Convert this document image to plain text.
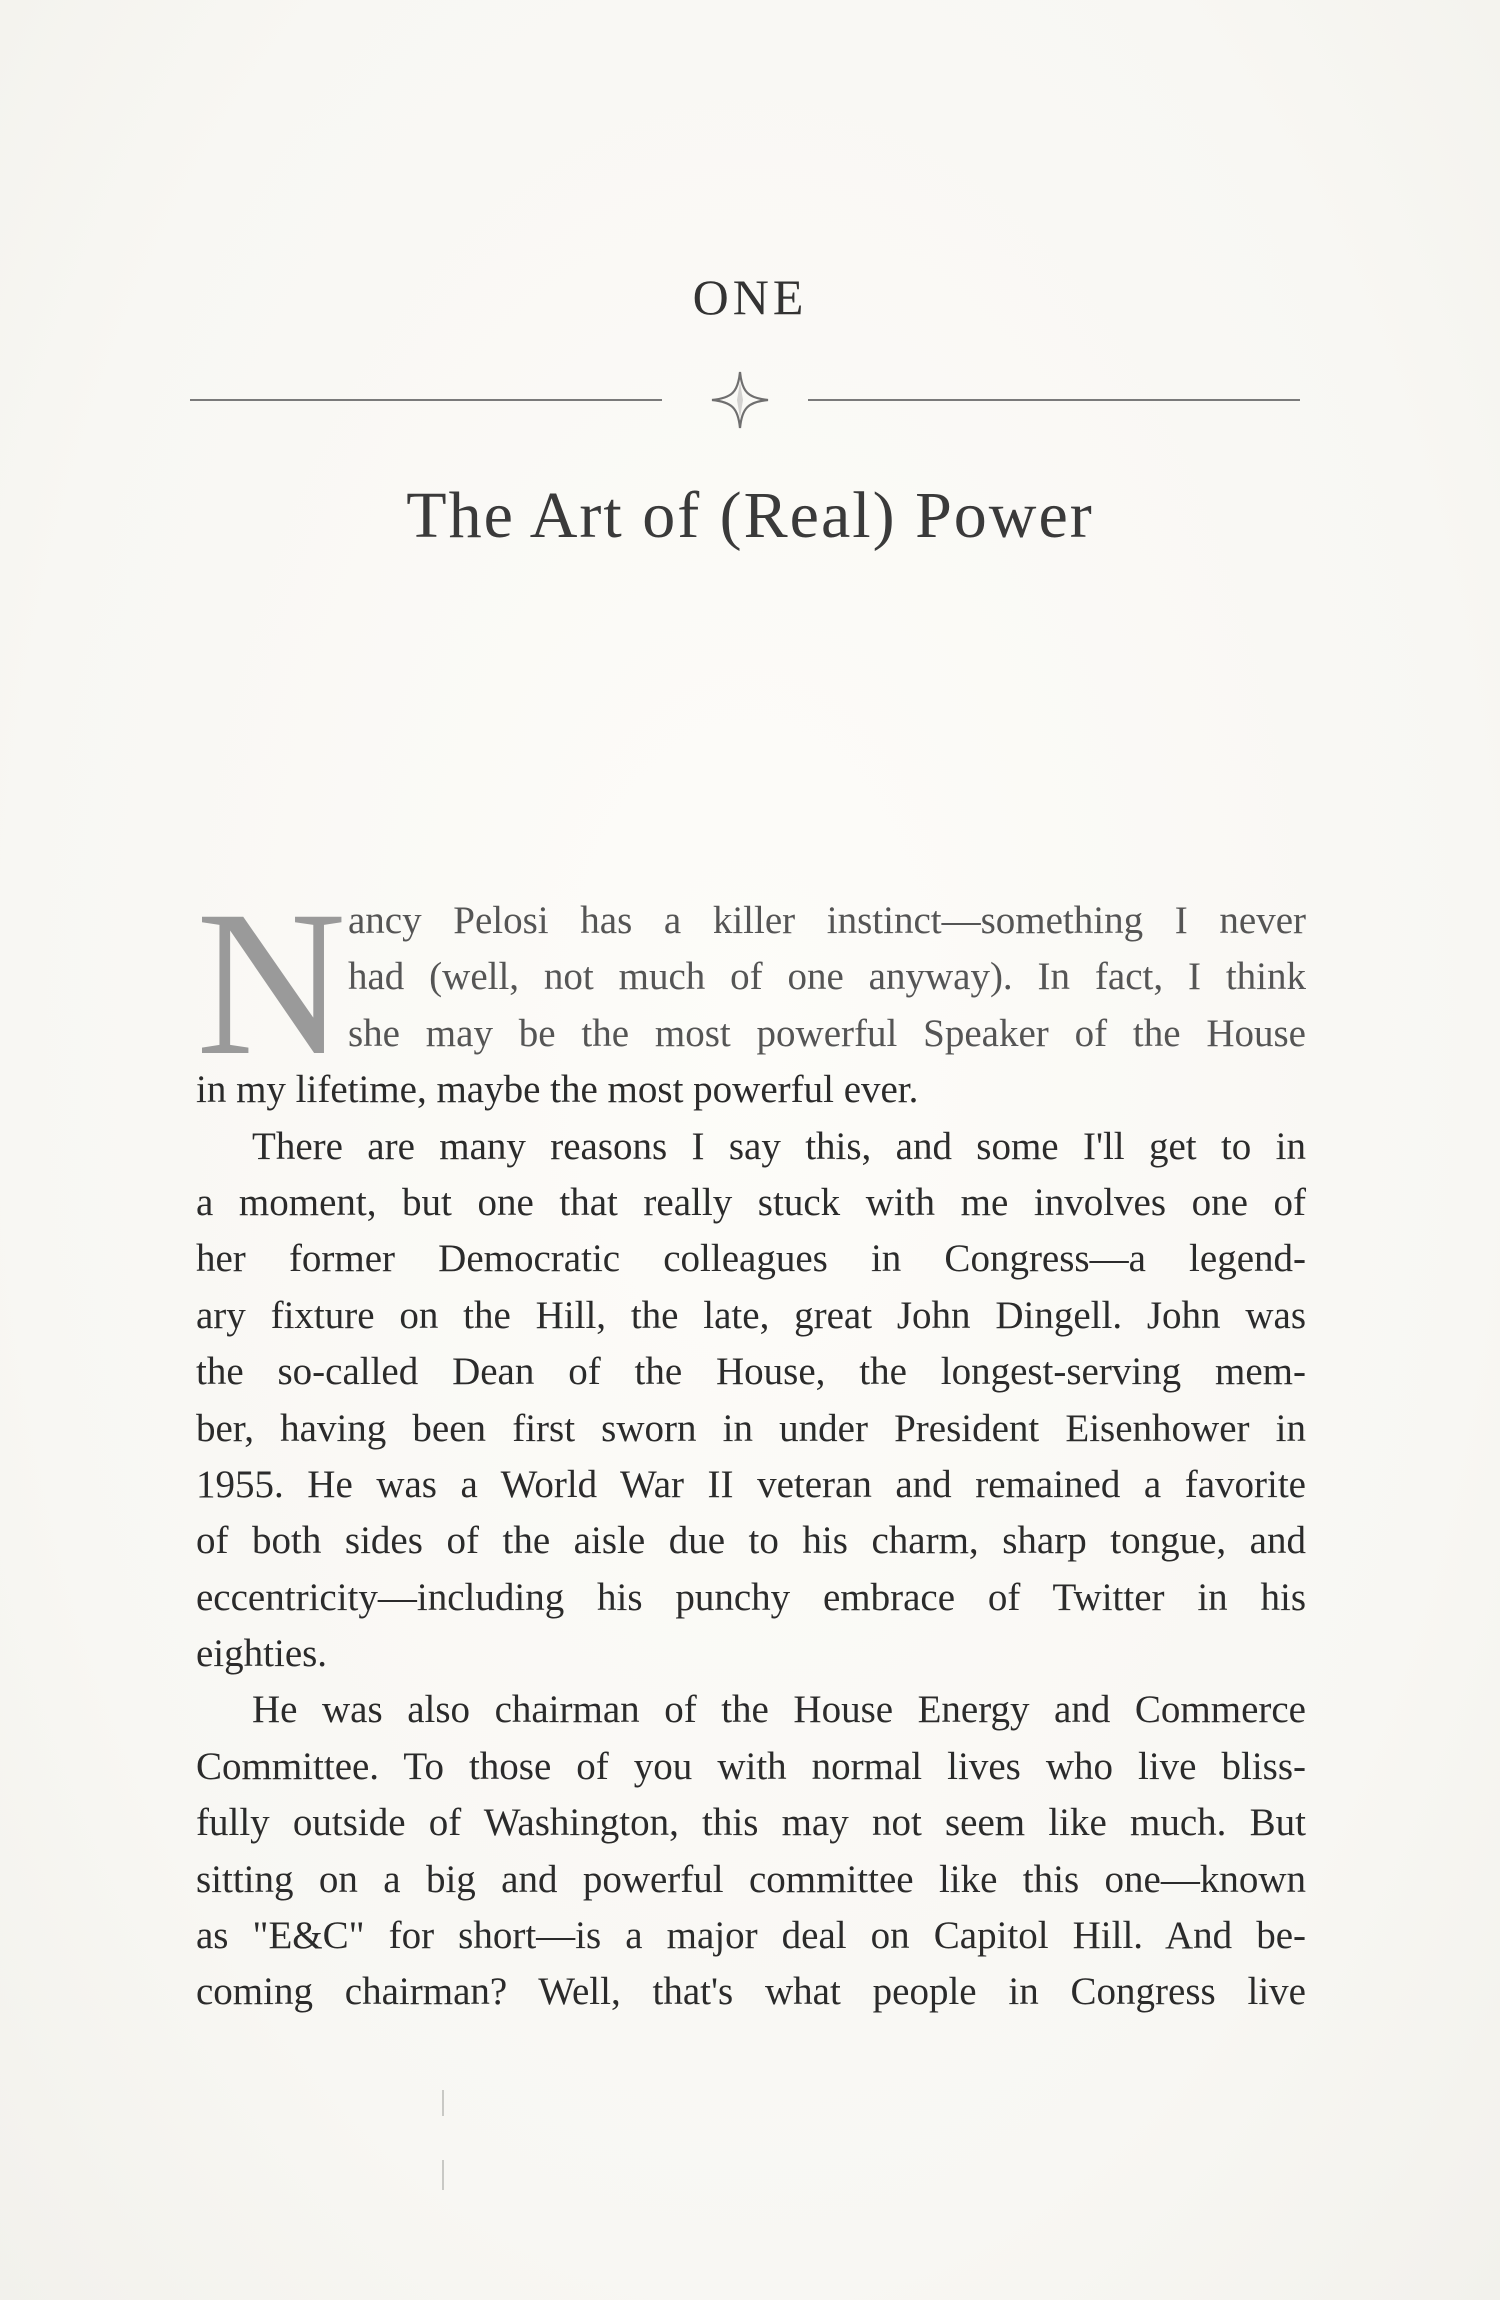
ONE
The Art of (Real) Power
N ancy Pelosi has a killer instinct—something I never
had (well, not much of one anyway). In fact, I think
she may be the most powerful Speaker of the House
in my lifetime, maybe the most powerful ever.
There are many reasons I say this, and some I'll get to in
a moment, but one that really stuck with me involves one of
her former Democratic colleagues in Congress—a legend-
ary fixture on the Hill, the late, great John Dingell. John was
the so-called Dean of the House, the longest-serving mem-
ber, having been first sworn in under President Eisenhower in
1955. He was a World War II veteran and remained a favorite
of both sides of the aisle due to his charm, sharp tongue, and
eccentricity—including his punchy embrace of Twitter in his
eighties.
He was also chairman of the House Energy and Commerce
Committee. To those of you with normal lives who live bliss-
fully outside of Washington, this may not seem like much. But
sitting on a big and powerful committee like this one—known
as "E&C" for short—is a major deal on Capitol Hill. And be-
coming chairman? Well, that's what people in Congress live
